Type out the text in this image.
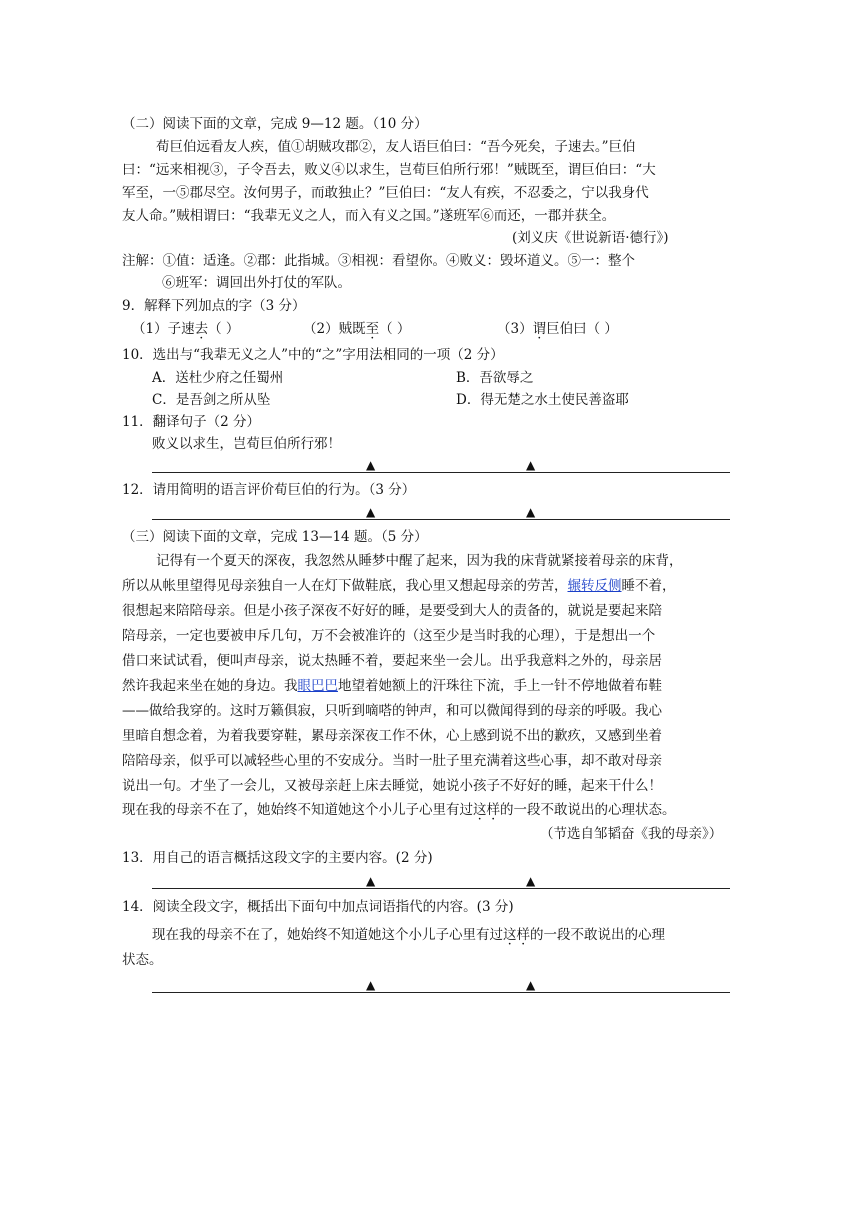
（二）阅读下面的文章，完成 9—12 题。（10 分）
荀巨伯远看友人疾，值①胡贼攻郡②，友人语巨伯曰：“吾今死矣，子速去。”巨伯
曰：“远来相视③，子令吾去，败义④以求生，岂荀巨伯所行邪！”贼既至，谓巨伯曰：“大
军至，一⑤郡尽空。汝何男子，而敢独止？”巨伯曰：“友人有疾，不忍委之，宁以我身代
友人命。”贼相谓曰：“我辈无义之人，而入有义之国。”遂班军⑥而还，一郡并获全。
(刘义庆《世说新语·德行》)
注解：①值：适逢。②郡：此指城。③相视：看望你。④败义：毁坏道义。⑤一：整个
⑥班军：调回出外打仗的军队。
9．解释下列加点的字（3 分）
（1）子速去（ ）	（2）贼既至（ ）	（3）谓巨伯曰（ ）
10．选出与“我辈无义之人”中的“之”字用法相同的一项（2 分）
A．送杜少府之任蜀州	B．吾欲辱之
C．是吾剑之所从坠	D．得无楚之水土使民善盗耶
11．翻译句子（2 分）
败义以求生，岂荀巨伯所行邪！
▲	▲
12．请用简明的语言评价荀巨伯的行为。（3 分）
▲	▲
（三）阅读下面的文章，完成 13—14 题。（5 分）
记得有一个夏天的深夜，我忽然从睡梦中醒了起来，因为我的床背就紧接着母亲的床背，
所以从帐里望得见母亲独自一人在灯下做鞋底，我心里又想起母亲的劳苦，辗转反侧睡不着，
很想起来陪陪母亲。但是小孩子深夜不好好的睡，是要受到大人的责备的，就说是要起来陪
陪母亲，一定也要被申斥几句，万不会被准许的（这至少是当时我的心理），于是想出一个
借口来试试看，便叫声母亲，说太热睡不着，要起来坐一会儿。出乎我意料之外的，母亲居
然许我起来坐在她的身边。我眼巴巴地望着她额上的汗珠往下流，手上一针不停地做着布鞋
——做给我穿的。这时万籁俱寂，只听到嘀嗒的钟声，和可以微闻得到的母亲的呼吸。我心
里暗自想念着，为着我要穿鞋，累母亲深夜工作不休，心上感到说不出的歉疚，又感到坐着
陪陪母亲，似乎可以减轻些心里的不安成分。当时一肚子里充满着这些心事，却不敢对母亲
说出一句。才坐了一会儿，又被母亲赶上床去睡觉，她说小孩子不好好的睡，起来干什么！
现在我的母亲不在了，她始终不知道她这个小儿子心里有过这样的一段不敢说出的心理状态。
（节选自邹韬奋《我的母亲》）
13．用自己的语言概括这段文字的主要内容。(2 分)
▲	▲
14．阅读全段文字，概括出下面句中加点词语指代的内容。(3 分)
现在我的母亲不在了，她始终不知道她这个小儿子心里有过这样的一段不敢说出的心理
状态。
▲	▲
